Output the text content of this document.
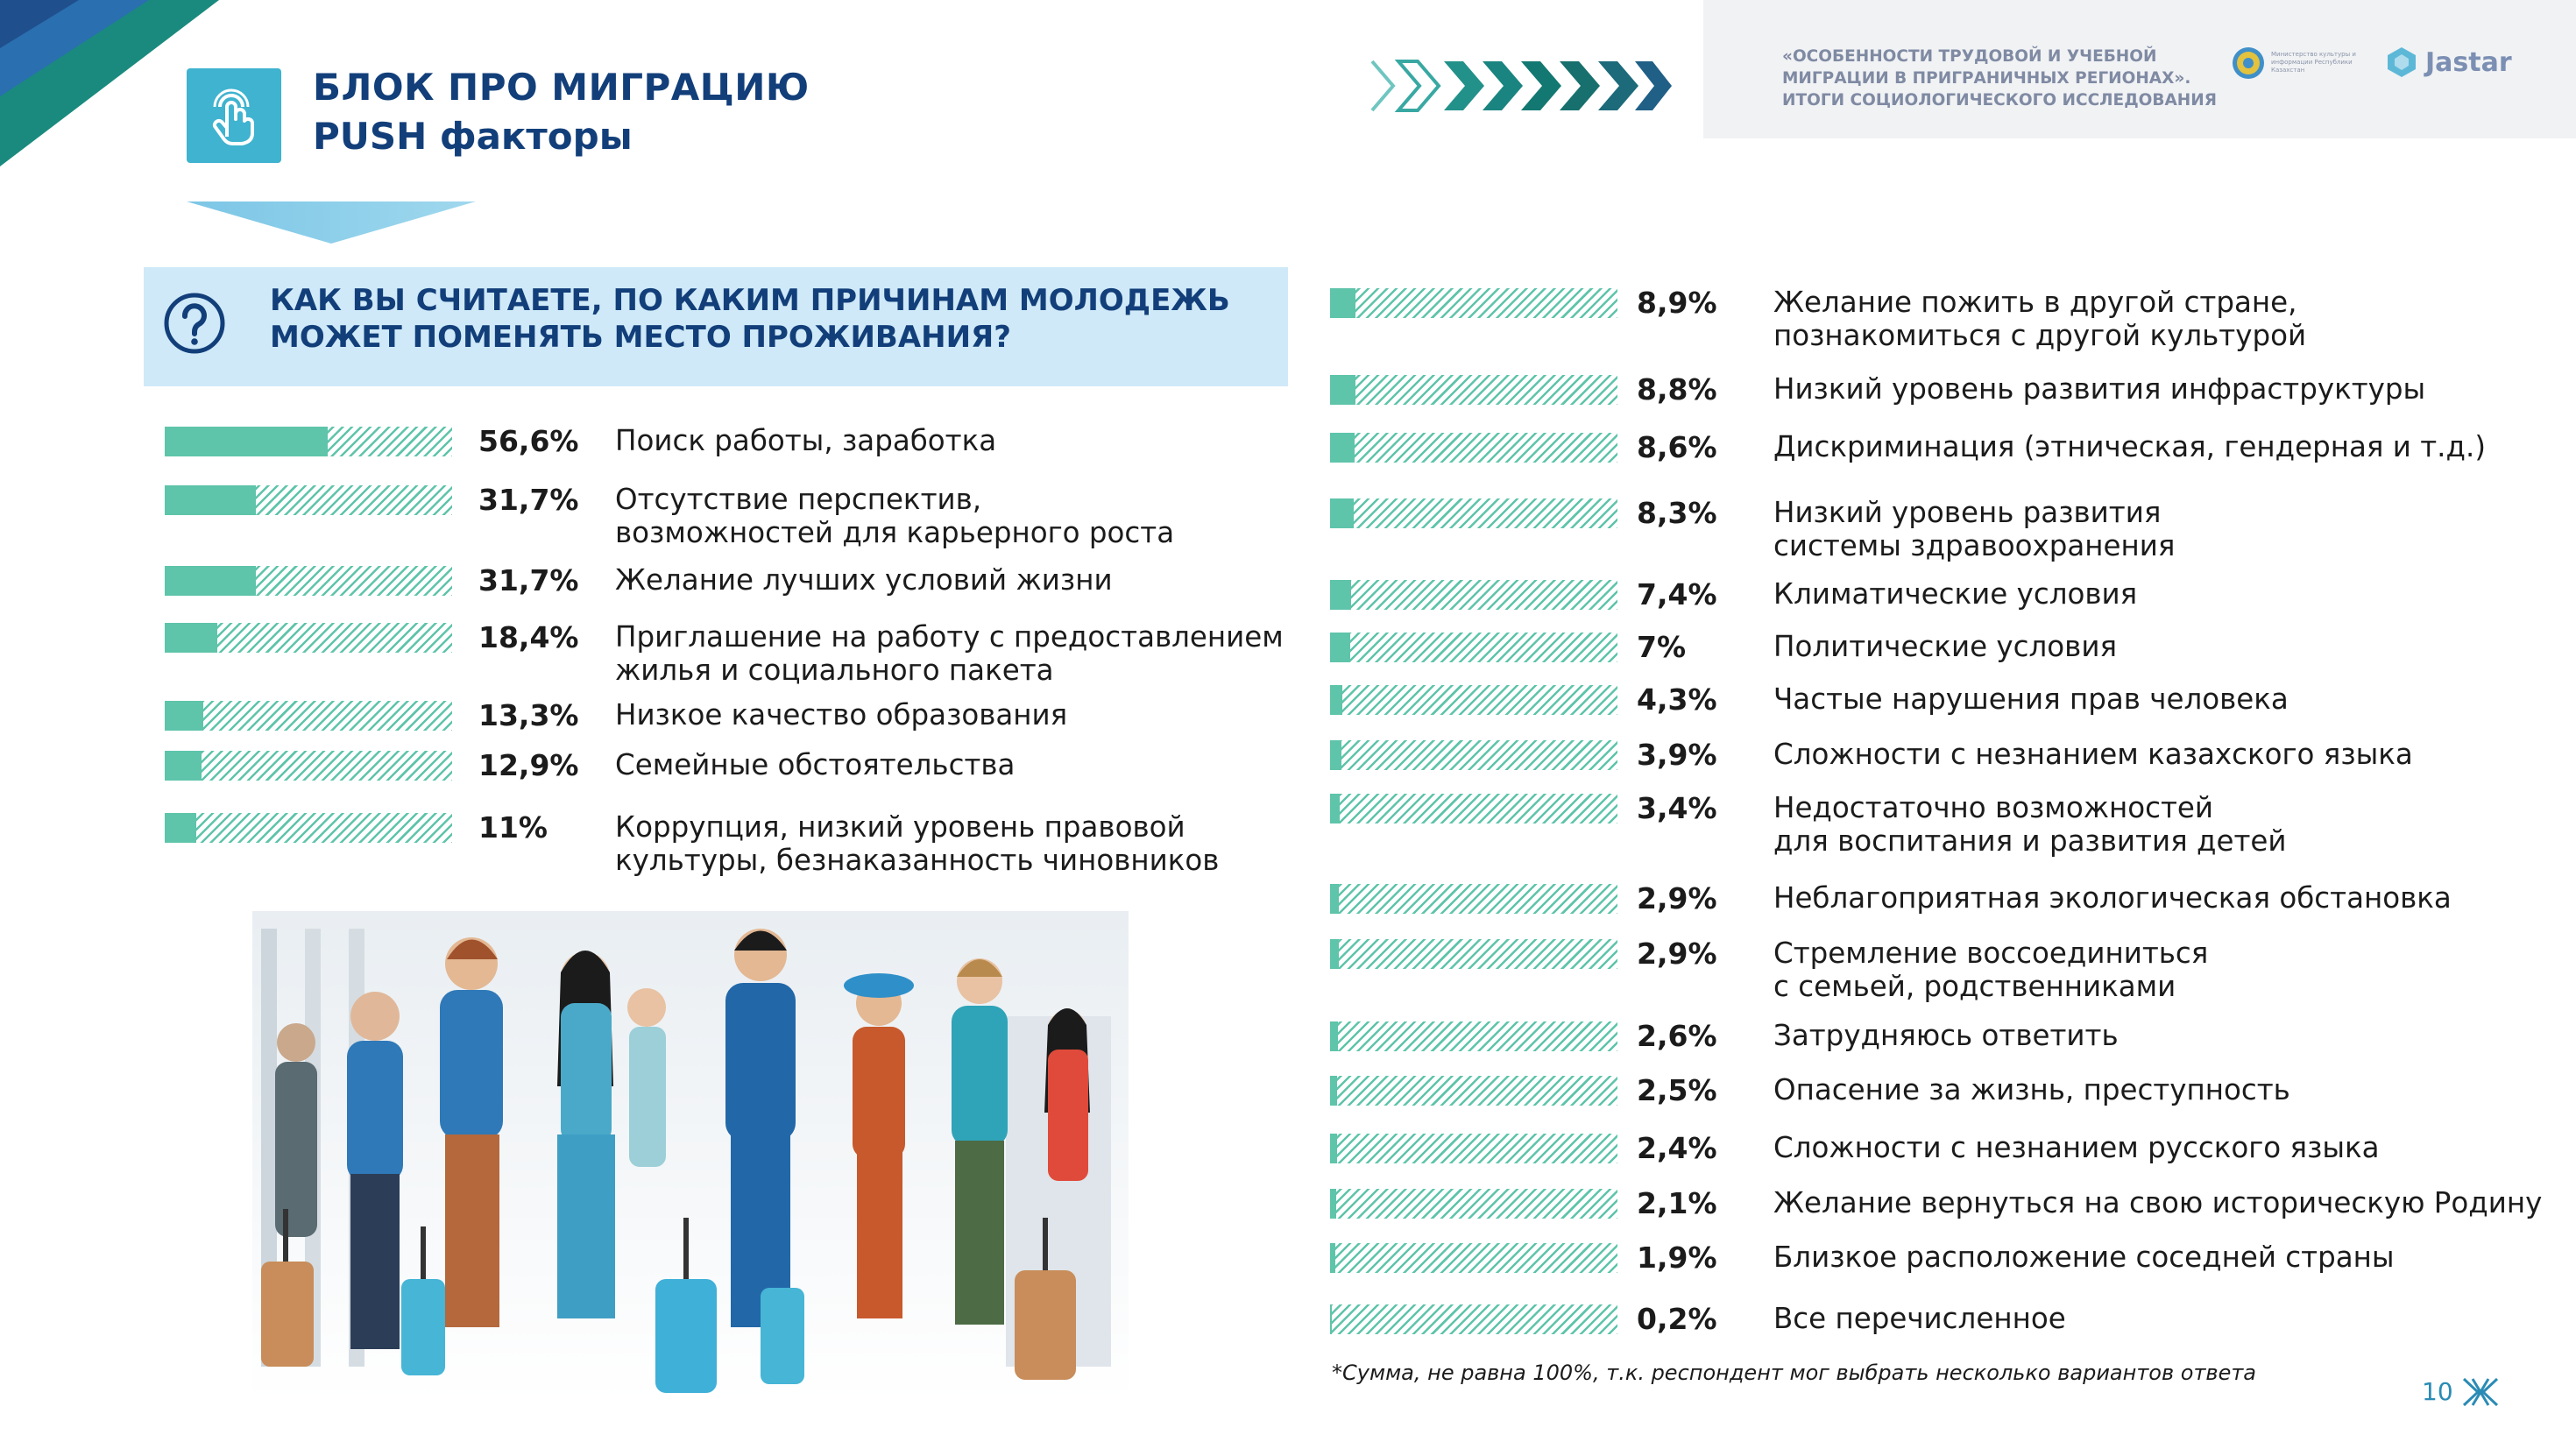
БЛОК ПРО МИГРАЦИЮ
PUSH факторы
«ОСОБЕННОСТИ ТРУДОВОЙ И УЧЕБНОЙ МИГРАЦИИ В ПРИГРАНИЧНЫХ РЕГИОНАХ». ИТОГИ СОЦИОЛОГИЧЕСКОГО ИССЛЕДОВАНИЯ
Министерство культуры и информации Республики Казахстан	Jastar
КАК ВЫ СЧИТАЕТЕ, ПО КАКИМ ПРИЧИНАМ МОЛОДЕЖЬ МОЖЕТ ПОМЕНЯТЬ МЕСТО ПРОЖИВАНИЯ?
56,6% Поиск работы, заработка
31,7% Отсутствие перспектив,
возможностей для карьерного роста
31,7% Желание лучших условий жизни
18,4% Приглашение на работу с предоставлением
жилья и социального пакета
13,3% Низкое качество образования
12,9% Семейные обстоятельства
11% Коррупция, низкий уровень правовой
культуры, безнаказанность чиновников
8,9% Желание пожить в другой стране,
познакомиться с другой культурой
8,8% Низкий уровень развития инфраструктуры
8,6% Дискриминация (этническая, гендерная и т.д.)
8,3% Низкий уровень развития
системы здравоохранения
7,4% Климатические условия
7%	Политические условия
4,3% Частые нарушения прав человека
3,9% Сложности с незнанием казахского языка
3,4% Недостаточно возможностей
для воспитания и развития детей
2,9% Неблагоприятная экологическая обстановка
2,9% Стремление воссоединиться
с семьей, родственниками
2,6% Затрудняюсь ответить
2,5% Опасение за жизнь, преступность
2,4% Сложности с незнанием русского языка
2,1% Желание вернуться на свою историческую Родину
1,9% Близкое расположение соседней страны
0,2% Все перечисленное
*Сумма, не равна 100%, т.к. респондент мог выбрать несколько вариантов ответа
10
